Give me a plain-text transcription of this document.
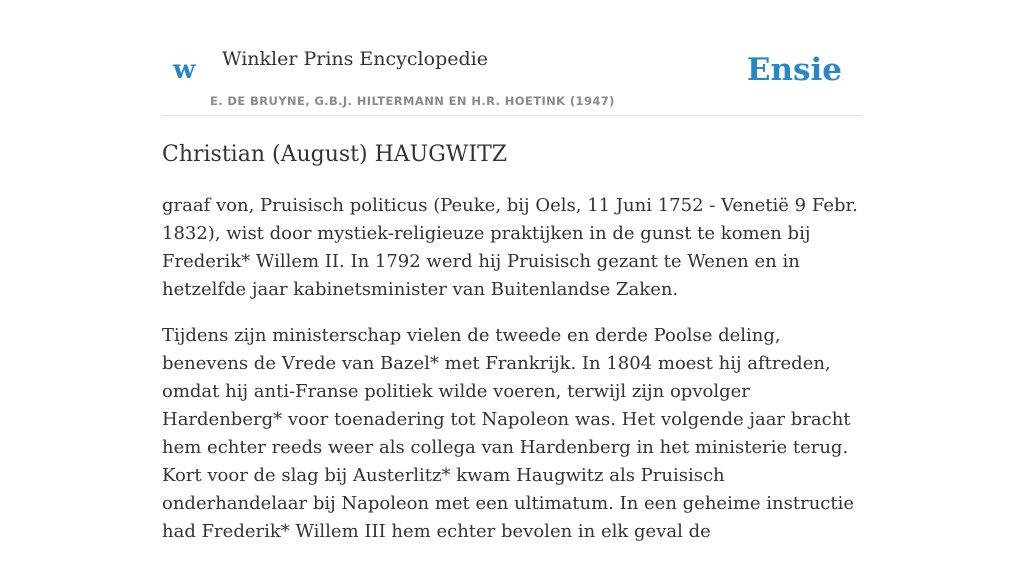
w Winkler Prins Encyclopedie	Ensie
E. DE BRUYNE, G.B.J. HILTERMANN EN H.R. HOETINK (1947)
Christian (August) HAUGWITZ

graaf von, Pruisisch politicus (Peuke, bij Oels, 11 Juni 1752 - Venetië 9 Febr. 1832), wist door mystiek-religieuze praktijken in de gunst te komen bij Frederik* Willem II. In 1792 werd hij Pruisisch gezant te Wenen en in hetzelfde jaar kabinetsminister van Buitenlandse Zaken.

Tijdens zijn ministerschap vielen de tweede en derde Poolse deling, benevens de Vrede van Bazel* met Frankrijk. In 1804 moest hij aftreden, omdat hij anti-Franse politiek wilde voeren, terwijl zijn opvolger Hardenberg* voor toenadering tot Napoleon was. Het volgende jaar bracht hem echter reeds weer als collega van Hardenberg in het ministerie terug. Kort voor de slag bij Austerlitz* kwam Haugwitz als Pruisisch onderhandelaar bij Napoleon met een ultimatum. In een geheime instructie had Frederik* Willem III hem echter bevolen in elk geval de
